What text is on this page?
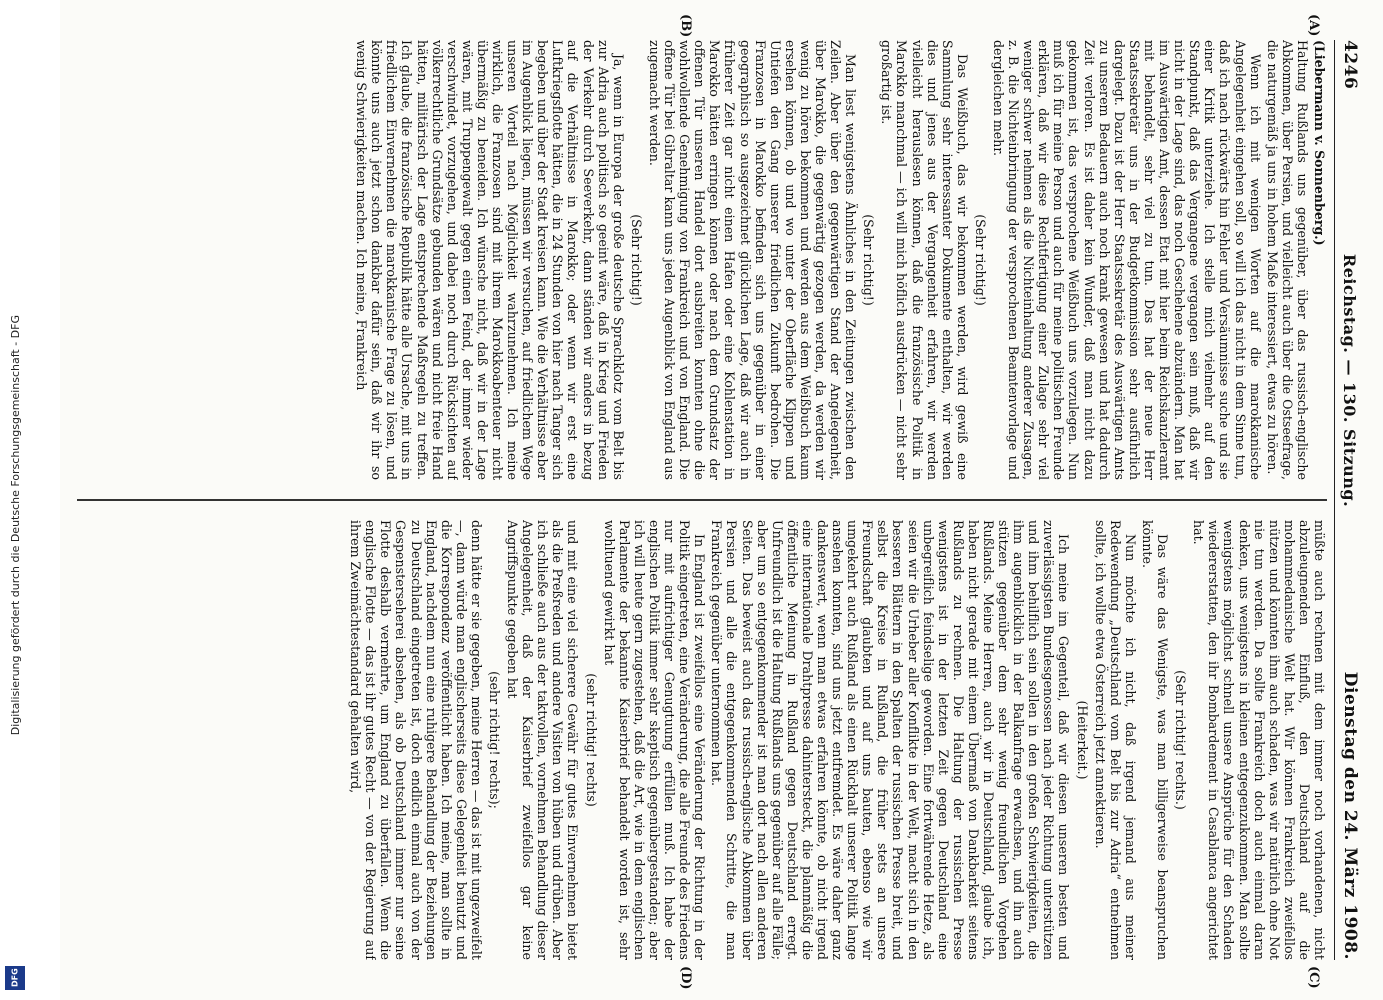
4246
Reichstag. — 130. Sitzung.
Dienstag den 24. März 1908.
(A)
(B)
(C)
(D)

(Liebermann v. Sonnenberg.)

Haltung Rußlands uns gegenüber, über das russisch-englische Abkommen, über Persien, und vielleicht auch über die Ostseefrage, die naturgemäß ja uns in hohem Maße interessiert, etwas zu hören.

Wenn ich mit wenigen Worten auf die marokkanische Angelegenheit eingehen soll, so will ich das nicht in dem Sinne tun, daß ich nach rückwärts hin Fehler und Versäumnisse suche und sie einer Kritik unterziehe. Ich stelle mich vielmehr auf den Standpunkt, daß das Vergangene vergangen sein muß, daß wir nicht in der Lage sind, das noch Geschehene abzuändern. Man hat im Auswärtigen Amt, dessen Etat mit hier beim Reichskanzleramt mit behandelt, sehr viel zu tun. Das hat der neue Herr Staatssekretär uns in der Budgetkommission sehr ausführlich dargelegt. Dazu ist der Herr Staatssekretär des Auswärtigen Amts zu unserem Bedauern auch noch krank gewesen und hat dadurch Zeit verloren. Es ist daher kein Wunder, daß man nicht dazu gekommen ist, das versprochene Weißbuch uns vorzulegen. Nun muß ich für meine Person und auch für meine politischen Freunde erklären, daß wir diese Rechtfertigung einer Zulage sehr viel weniger schwer nehmen als die Nichteinhaltung anderer Zusagen, z. B. die Nichteinbringung der versprochenen Beamtenvorlage und dergleichen mehr.

(Sehr richtig!)

Das Weißbuch, das wir bekommen werden, wird gewiß eine Sammlung sehr interessanter Dokumente enthalten, wir werden dies und jenes aus der Vergangenheit erfahren, wir werden vielleicht herauslesen können, daß die französische Politik in Marokko manchmal — ich will mich höflich ausdrücken — nicht sehr großartig ist.

(Sehr richtig!)

Man liest wenigstens Ähnliches in den Zeitungen zwischen den Zeilen. Aber über den gegenwärtigen Stand der Angelegenheit, über Marokko, die gegenwärtig gezogen werden, da werden wir wenig zu hören bekommen und werden aus dem Weißbuch kaum ersehen können, ob und wo unter der Oberfläche Klippen und Untiefen den Gang unserer friedlichen Zukunft bedrohen. Die Franzosen in Marokko befinden sich uns gegenüber in einer geographisch so ausgezeichnet glücklichen Lage, daß wir auch in früherer Zeit gar nicht einen Hafen oder eine Kohlenstation in Marokko hätten erringen können oder nach dem Grundsatz der offenen Tür unseren Handel dort ausbreiten konnten ohne die wohlwollende Genehmigung von Frankreich und von England. Die offene Tür bei Gibraltar kann uns jeden Augenblick von England aus zugemacht werden.

(Sehr richtig!)

Ja, wenn in Europa der große deutsche Sprachklotz vom Belt bis zur Adria auch politisch so geeint wäre, daß in Krieg und Frieden der Verkehr durch Seeverkehr, dann ständen wir anders in bezug auf die Verhältnisse in Marokko; oder wenn wir erst eine Luftkriegsflotte hätten, die in 24 Stunden von hier nach Tanger sich begeben und über der Stadt kreisen kann. Wie die Verhältnisse aber im Augenblick liegen, müssen wir versuchen, auf friedlichem Wege unseren Vorteil nach Möglichkeit wahrzunehmen. Ich meine wirklich, die Franzosen sind mit ihrem Marokkoabenteuer nicht übermäßig zu beneiden. Ich wünsche nicht, daß wir in der Lage wären, mit Truppengewalt gegen einen Feind, der immer wieder verschwindet, vorzugehen, und dabei noch durch Rücksichten auf völkerrechtliche Grundsätze gebunden wären und nicht freie Hand hätten, militärisch der Lage entsprechende Maßregeln zu treffen. Ich glaube, die französische Republik hätte alle Ursache, mit uns in friedlichem Einvernehmen die marokkanische Frage zu lösen, und könnte uns auch jetzt schon dankbar dafür sein, daß wir ihr so wenig Schwierigkeiten machen. Ich meine, Frankreich

müßte auch rechnen mit dem immer noch vorhandenen, nicht abzuleugnenden Einfluß, den Deutschland auf die mohammedanische Welt hat. Wir können Frankreich zweifellos nützen und könnten ihm auch schaden, was wir natürlich ohne Not nie tun werden. Da sollte Frankreich doch auch einmal daran denken, uns wenigstens in kleinen entgegenzukommen. Man sollte wenigstens möglichst schnell unsere Ansprüche für den Schaden wiedererstatten, den ihr Bombardement in Casablanca angerichtet hat.

(Sehr richtig! rechts.)

Das wäre das Wenigste, was man billigerweise beanspruchen könnte.

Nun möchte ich nicht, daß irgend jemand aus meiner Redewendung „Deutschland vom Belt bis zur Adria“ entnehmen sollte, ich wollte etwa Österreich jetzt annektieren.

(Heiterkeit.)

Ich meine im Gegenteil, daß wir diesen unseren besten und zuverlässigsten Bundesgenossen nach jeder Richtung unterstützen und ihm behilflich sein sollen in den großen Schwierigkeiten, die ihm augenblicklich in der Balkanfrage erwachsen, und ihn auch stützen gegenüber dem sehr wenig freundlichen Vorgehen Rußlands. Meine Herren, auch wir in Deutschland, glaube ich, haben nicht gerade mit einem Übermaß von Dankbarkeit seitens Rußlands zu rechnen. Die Haltung der russischen Presse wenigstens ist in der letzten Zeit gegen Deutschland eine unbegreiflich feindselige geworden. Eine fortwährende Hetze, als seien wir die Urheber aller Konflikte in der Welt, macht sich in den besseren Blättern in den Spalten der russischen Presse breit, und selbst die Kreise in Rußland, die früher stets an unsere Freundschaft glaubten und auf uns bauten, ebenso wie wir umgekehrt auch Rußland als einen Rückhalt unserer Politik lange ansehen konnten, sind uns jetzt entfremdet. Es wäre daher ganz dankenswert, wenn man etwas erfahren könnte, ob nicht irgend eine internationale Drahtpresse dahintersteckt, die planmäßig die öffentliche Meinung in Rußland gegen Deutschland erregt. Unfreundlich ist die Haltung Rußlands uns gegenüber auf alle Fälle; aber um so entgegenkommender ist man dort nach allen anderen Seiten. Das beweist auch das russisch-englische Abkommen über Persien und alle die entgegenkommenden Schritte, die man Frankreich gegenüber unternommen hat.

In England ist zweifellos eine Veränderung der Richtung in der Politik eingetreten, eine Veränderung, die alle Freunde des Friedens nur mit aufrichtiger Genugtuung erfüllen muß. Ich habe der englischen Politik immer sehr skeptisch gegenübergestanden; aber ich will heute gern zugestehen, daß die Art, wie in dem englischen Parlamente der bekannte Kaiserbrief behandelt worden ist, sehr wohltuend gewirkt hat

(sehr richtig! rechts)

und mit eine viel sicherere Gewähr für gutes Einvernehmen bietet als die Preßreden und andere Visiten von hüben und drüben. Aber ich schließe auch aus der taktvollen, vornehmen Behandlung dieser Angelegenheit, daß der Kaiserbrief zweifellos gar keine Angriffspunkte gegeben hat

(sehr richtig! rechts);

denn hätte er sie gegeben, meine Herren — das ist mit ungezweifelt —, dann würde man englischerseits diese Gelegenheit benutzt und die Korrespondenz veröffentlicht haben. Ich meine, man sollte in England, nachdem nun eine ruhigere Behandlung der Beziehungen zu Deutschland eingetreten ist, doch endlich einmal auch von der Gespensterseherei absehen, als ob Deutschland immer nur seine Flotte deshalb vermehrte, um England zu überfallen. Wenn die englische Flotte — das ist ihr gutes Recht — von der Regierung auf ihrem Zweimächtestandard gehalten wird,

Digitalisierung gefördert durch die Deutsche Forschungsgemeinschaft - DFG
DFG
